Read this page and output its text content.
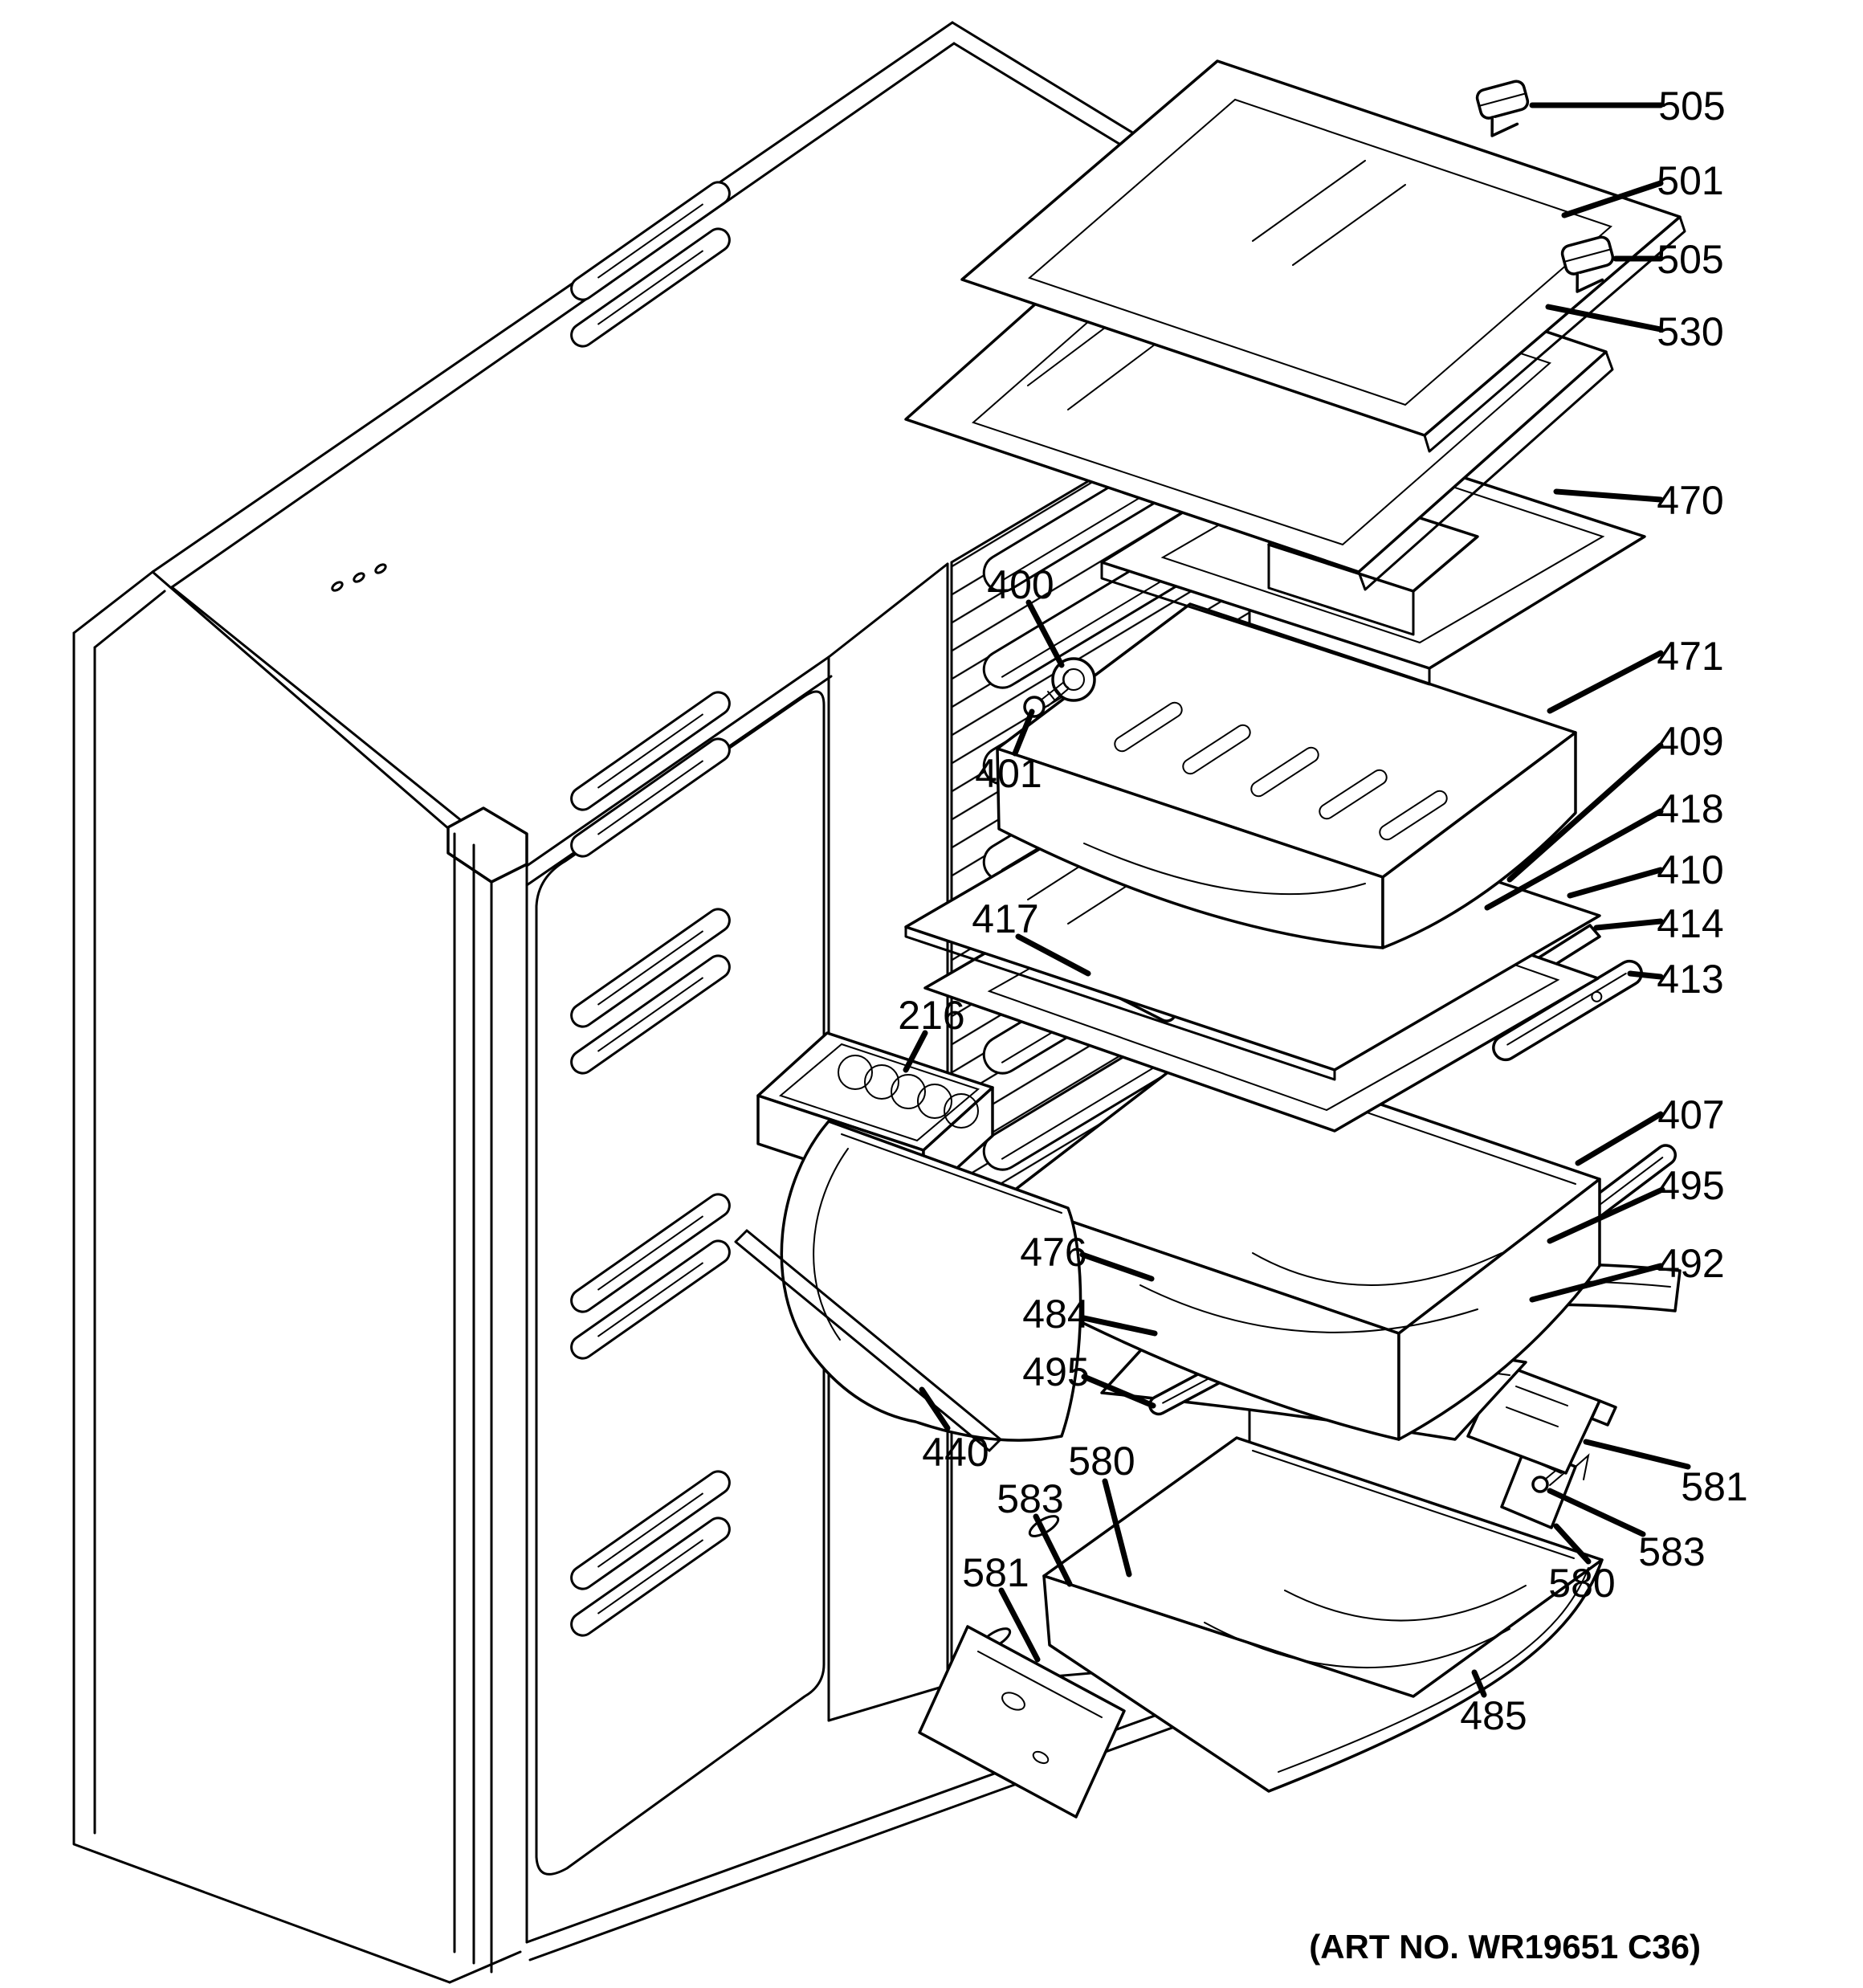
505
501
505
530
470
471
409
418
410
414
413
407
495
492
581
583
580
400
401
417
216
476
484
495
440 580
583
581
485
(ART NO. WR19651 C36)
